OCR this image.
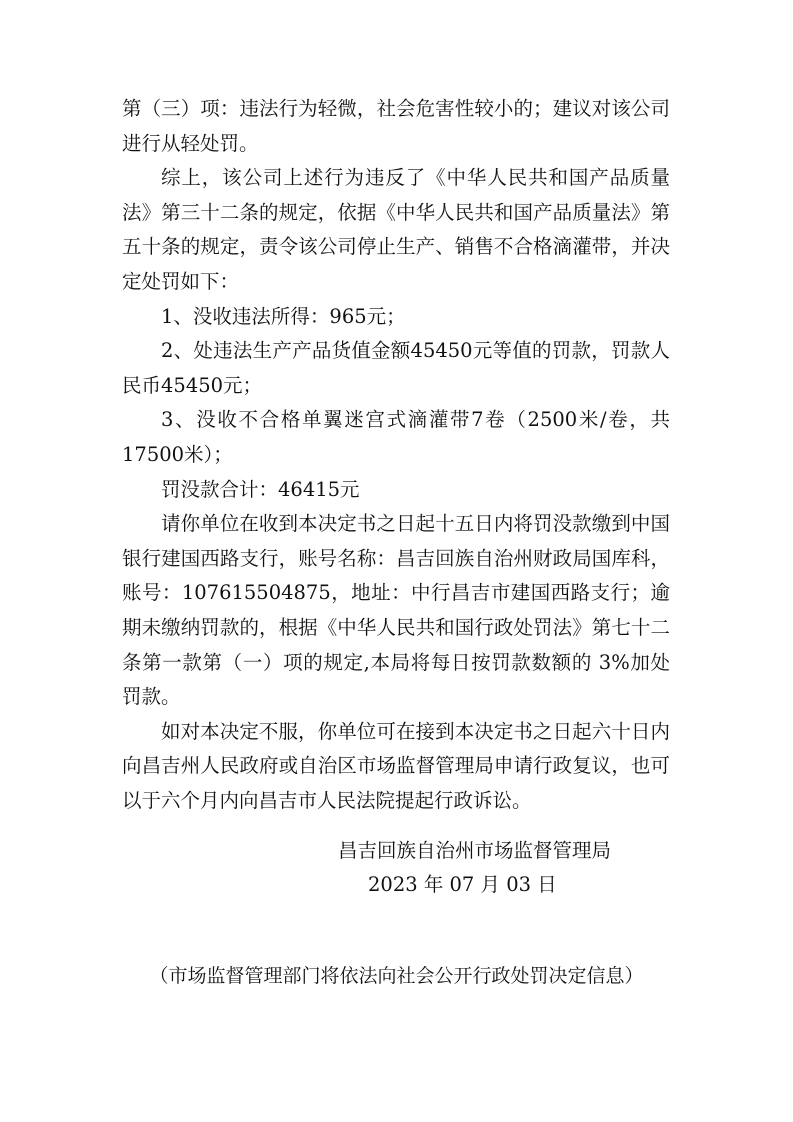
第（三）项：违法行为轻微，社会危害性较小的；建议对该公司进行从轻处罚。

综上，该公司上述行为违反了《中华人民共和国产品质量法》第三十二条的规定，依据《中华人民共和国产品质量法》第五十条的规定，责令该公司停止生产、销售不合格滴灌带，并决定处罚如下：

1、没收违法所得：965元；

2、处违法生产产品货值金额45450元等值的罚款，罚款人民币45450元；

3、没收不合格单翼迷宫式滴灌带7卷（2500米/卷，共17500米）；

罚没款合计：46415元

请你单位在收到本决定书之日起十五日内将罚没款缴到中国银行建国西路支行，账号名称：昌吉回族自治州财政局国库科，账号：107615504875，地址：中行昌吉市建国西路支行；逾期未缴纳罚款的，根据《中华人民共和国行政处罚法》第七十二条第一款第（一）项的规定,本局将每日按罚款数额的 3%加处罚款。

如对本决定不服，你单位可在接到本决定书之日起六十日内向昌吉州人民政府或自治区市场监督管理局申请行政复议，也可以于六个月内向昌吉市人民法院提起行政诉讼。

昌吉回族自治州市场监督管理局
2023 年 07 月 03 日
（市场监督管理部门将依法向社会公开行政处罚决定信息）
